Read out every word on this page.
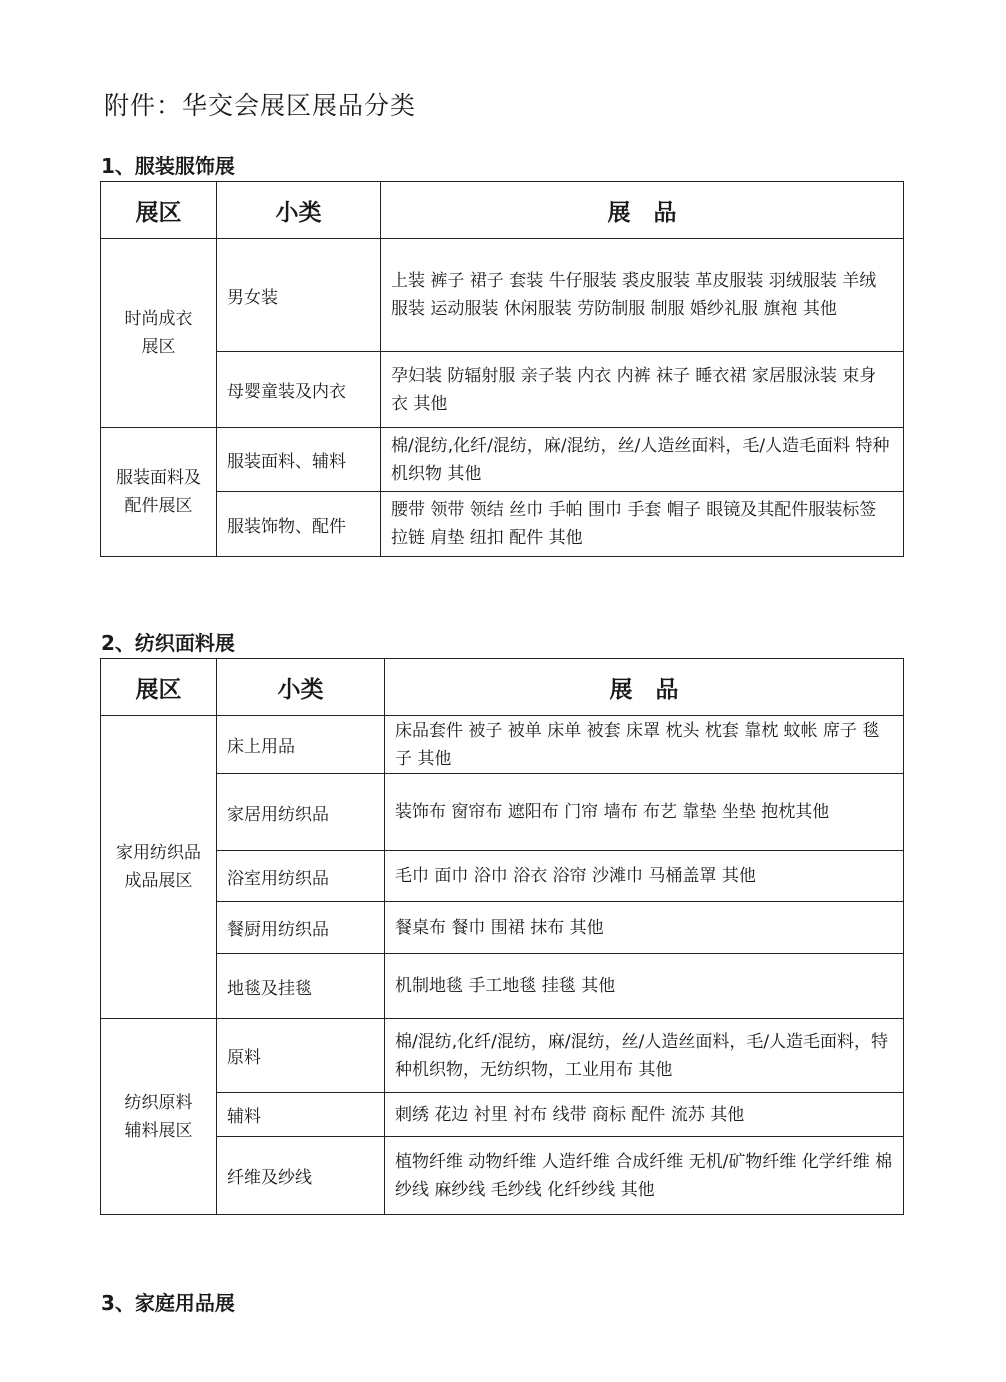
附件：华交会展区展品分类
1、服装服饰展
展区	小类	展　品

时尚成衣展区	男女装	上装 裤子 裙子 套装 牛仔服装 裘皮服装 革皮服装 羽绒服装 羊绒服装 运动服装 休闲服装 劳防制服 制服 婚纱礼服 旗袍 其他
	母婴童装及内衣	孕妇装 防辐射服 亲子装 内衣 内裤 袜子 睡衣裙 家居服泳装 束身衣 其他

服装面料及配件展区	服装面料、辅料	棉/混纺,化纤/混纺，麻/混纺，丝/人造丝面料，毛/人造毛面料 特种机织物 其他
	服装饰物、配件	腰带 领带 领结 丝巾 手帕 围巾 手套 帽子 眼镜及其配件服装标签 拉链 肩垫 纽扣 配件 其他
2、纺织面料展
展区	小类	展　品

家用纺织品成品展区	床上用品	床品套件 被子 被单 床单 被套 床罩 枕头 枕套 靠枕 蚊帐 席子 毯子 其他
	家居用纺织品	装饰布 窗帘布 遮阳布 门帘 墙布 布艺 靠垫 坐垫 抱枕其他
	浴室用纺织品	毛巾 面巾 浴巾 浴衣 浴帘 沙滩巾 马桶盖罩 其他
	餐厨用纺织品	餐桌布 餐巾 围裙 抹布 其他
	地毯及挂毯	机制地毯 手工地毯 挂毯 其他

纺织原料辅料展区	原料	棉/混纺,化纤/混纺，麻/混纺，丝/人造丝面料，毛/人造毛面料，特种机织物，无纺织物，工业用布 其他
	辅料	刺绣 花边 衬里 衬布 线带 商标 配件 流苏 其他
	纤维及纱线	植物纤维 动物纤维 人造纤维 合成纤维 无机/矿物纤维 化学纤维 棉纱线 麻纱线 毛纱线 化纤纱线 其他
3、家庭用品展
